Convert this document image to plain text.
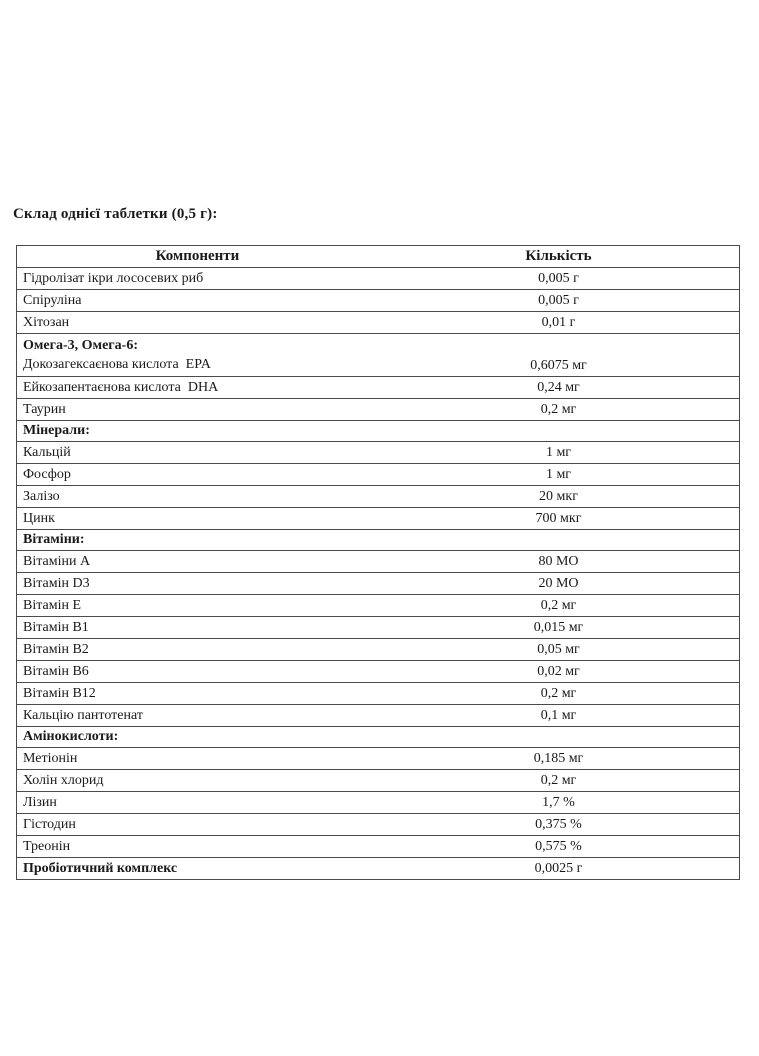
Склад однієї таблетки (0,5 г):
Компоненти	Кількість
Гідролізат ікри лососевих риб	0,005 г
Спіруліна	0,005 г
Хітозан	0,01 г

Омега-3, Омега-6:
Докозагексаєнова кислота  EPA	0,6075 мг
Ейкозапентаєнова кислота  DHA	0,24 мг
Таурин	0,2 мг
Мінерали:	
Кальцій	1 мг
Фосфор	1 мг
Залізо	20 мкг
Цинк	700 мкг
Вітаміни:	
Вітаміни А	80 МО
Вітамін D3	20 МО
Вітамін Е	0,2 мг
Вітамін В1	0,015 мг
Вітамін В2	0,05 мг
Вітамін В6	0,02 мг
Вітамін В12	0,2 мг
Кальцію пантотенат	0,1 мг
Амінокислоти:	
Метіонін	0,185 мг
Холін хлорид	0,2 мг
Лізин	1,7 %
Гістодин	0,375 %
Треонін	0,575 %
Пробіотичний комплекс	0,0025 г
